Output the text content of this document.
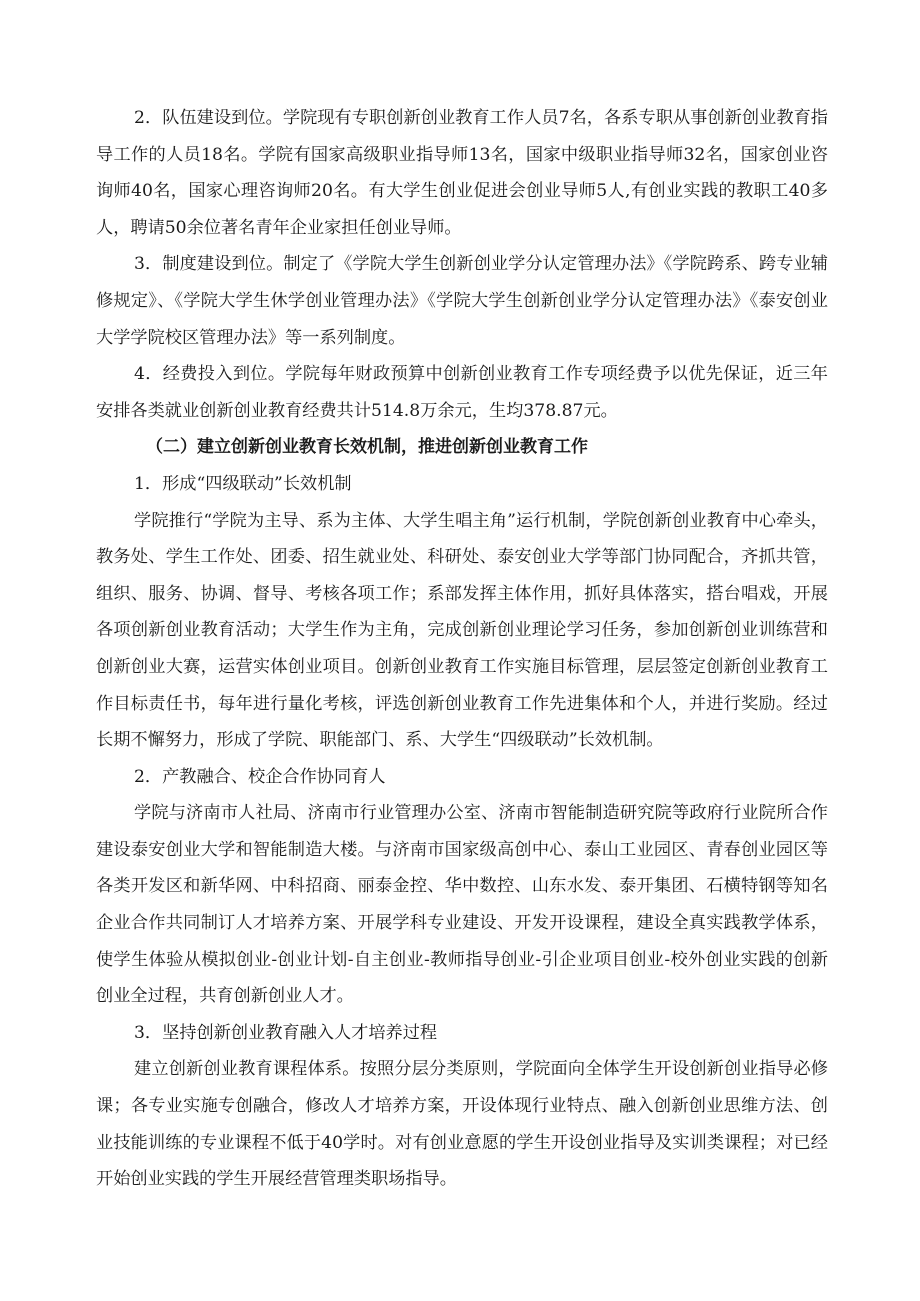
2．队伍建设到位。学院现有专职创新创业教育工作人员7名，各系专职从事创新创业教育指导工作的人员18名。学院有国家高级职业指导师13名，国家中级职业指导师32名，国家创业咨询师40名，国家心理咨询师20名。有大学生创业促进会创业导师5人,有创业实践的教职工40多人，聘请50余位著名青年企业家担任创业导师。

3．制度建设到位。制定了《学院大学生创新创业学分认定管理办法》《学院跨系、跨专业辅修规定》、《学院大学生休学创业管理办法》《学院大学生创新创业学分认定管理办法》《泰安创业大学学院校区管理办法》等一系列制度。

4．经费投入到位。学院每年财政预算中创新创业教育工作专项经费予以优先保证，近三年安排各类就业创新创业教育经费共计514.8万余元，生均378.87元。

（二）建立创新创业教育长效机制，推进创新创业教育工作

1．形成“四级联动”长效机制

学院推行“学院为主导、系为主体、大学生唱主角”运行机制，学院创新创业教育中心牵头，教务处、学生工作处、团委、招生就业处、科研处、泰安创业大学等部门协同配合，齐抓共管，组织、服务、协调、督导、考核各项工作；系部发挥主体作用，抓好具体落实，搭台唱戏，开展各项创新创业教育活动；大学生作为主角，完成创新创业理论学习任务，参加创新创业训练营和创新创业大赛，运营实体创业项目。创新创业教育工作实施目标管理，层层签定创新创业教育工作目标责任书，每年进行量化考核，评选创新创业教育工作先进集体和个人，并进行奖励。经过长期不懈努力，形成了学院、职能部门、系、大学生“四级联动”长效机制。

2．产教融合、校企合作协同育人

学院与济南市人社局、济南市行业管理办公室、济南市智能制造研究院等政府行业院所合作建设泰安创业大学和智能制造大楼。与济南市国家级高创中心、泰山工业园区、青春创业园区等各类开发区和新华网、中科招商、丽泰金控、华中数控、山东水发、泰开集团、石横特钢等知名企业合作共同制订人才培养方案、开展学科专业建设、开发开设课程，建设全真实践教学体系，使学生体验从模拟创业-创业计划-自主创业-教师指导创业-引企业项目创业-校外创业实践的创新创业全过程，共育创新创业人才。

3．坚持创新创业教育融入人才培养过程

建立创新创业教育课程体系。按照分层分类原则，学院面向全体学生开设创新创业指导必修课；各专业实施专创融合，修改人才培养方案，开设体现行业特点、融入创新创业思维方法、创业技能训练的专业课程不低于40学时。对有创业意愿的学生开设创业指导及实训类课程；对已经开始创业实践的学生开展经营管理类职场指导。
